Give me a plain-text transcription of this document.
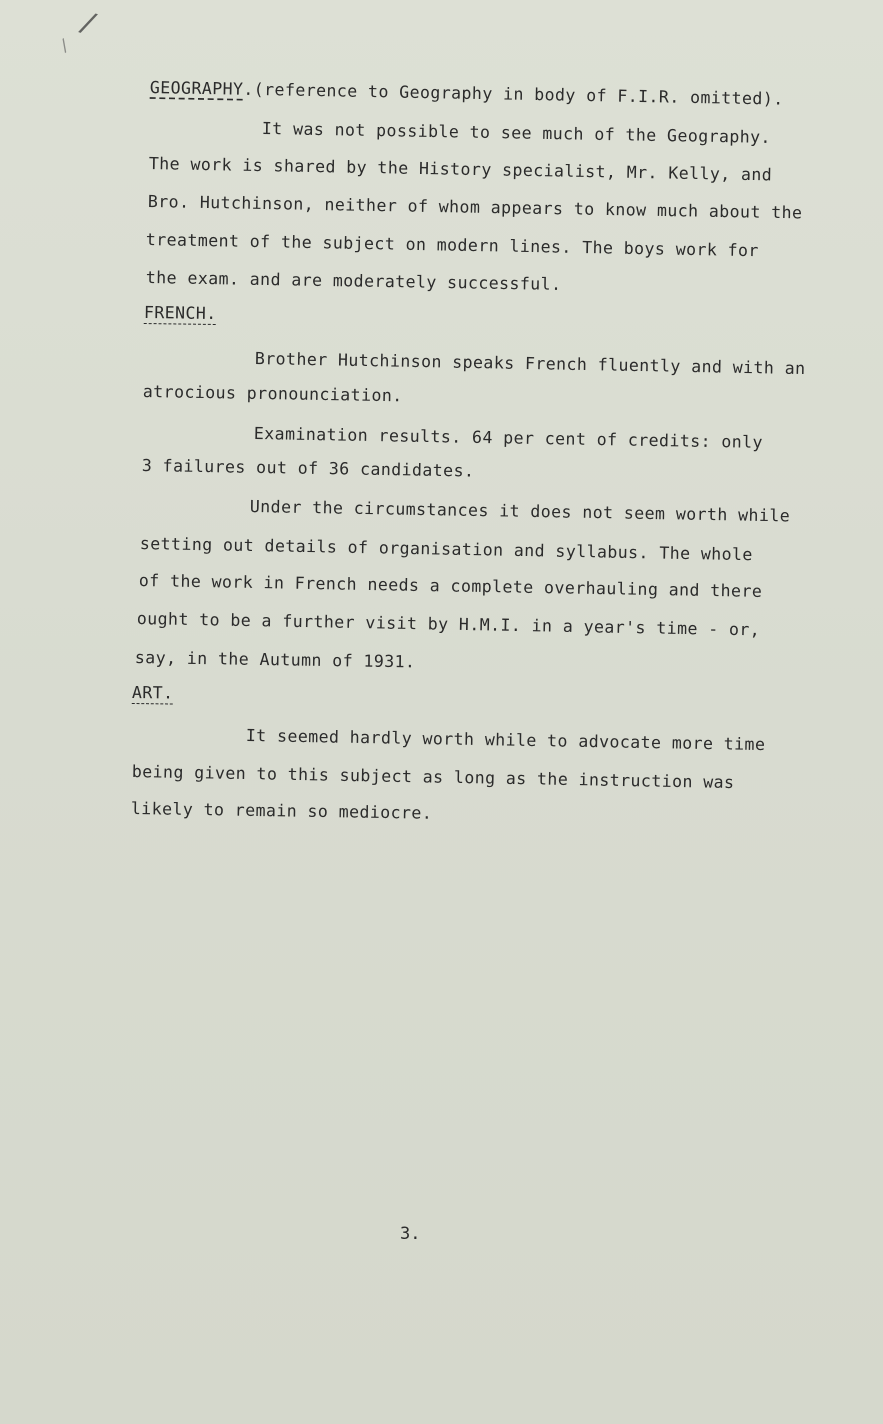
/
/
GEOGRAPHY.(reference to Geography in body of F.I.R. omitted).
It was not possible to see much of the Geography.
The work is shared by the History specialist, Mr. Kelly, and
Bro. Hutchinson, neither of whom appears to know much about the
treatment of the subject on modern lines. The boys work for
the exam. and are moderately successful.
FRENCH.
Brother Hutchinson speaks French fluently and with an
atrocious pronounciation.
Examination results. 64 per cent of credits: only
3 failures out of 36 candidates.
Under the circumstances it does not seem worth while
setting out details of organisation and syllabus. The whole
of the work in French needs a complete overhauling and there
ought to be a further visit by H.M.I. in a year's time - or,
say, in the Autumn of 1931.
ART.
It seemed hardly worth while to advocate more time
being given to this subject as long as the instruction was
likely to remain so mediocre.
3.
